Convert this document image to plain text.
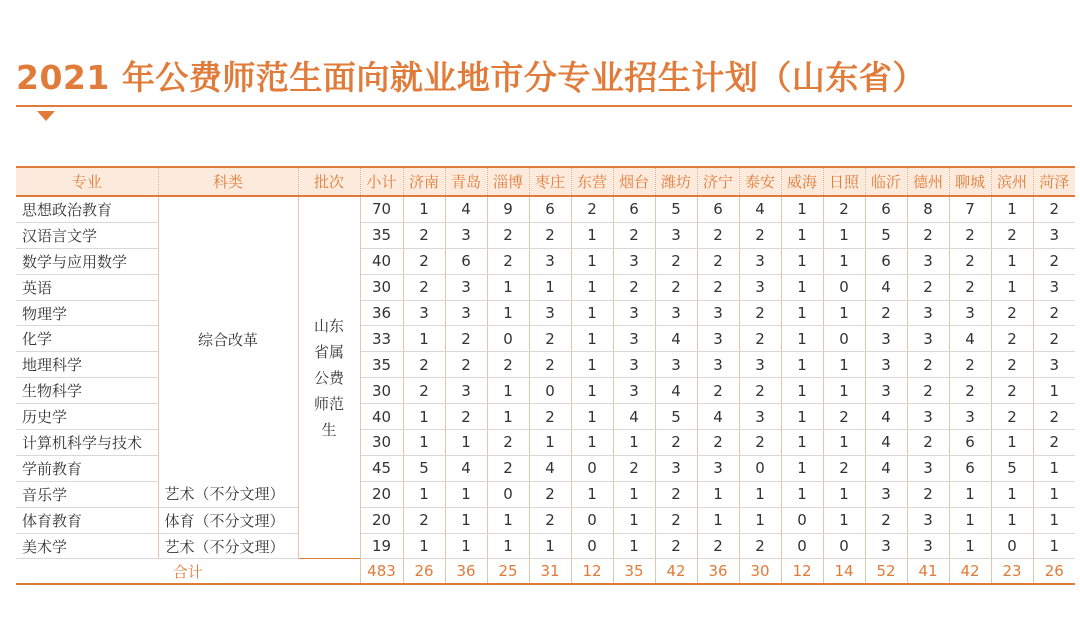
2021 年公费师范生面向就业地市分专业招生计划（山东省）
专业	科类	批次	小计	济南	青岛	淄博	枣庄	东营	烟台	潍坊	济宁	泰安	威海	日照	临沂	德州	聊城	滨州	菏泽
思想政治教育	综合改革	山东省属公费师范生	70	1	4	9	6	2	6	5	6	4	1	2	6	8	7	1	2
汉语言文学			35	2	3	2	2	1	2	3	2	2	1	1	5	2	2	2	3
数学与应用数学			40	2	6	2	3	1	3	2	2	3	1	1	6	3	2	1	2
英语			30	2	3	1	1	1	2	2	2	3	1	0	4	2	2	1	3
物理学			36	3	3	1	3	1	3	3	3	2	1	1	2	3	3	2	2
化学			33	1	2	0	2	1	3	4	3	2	1	0	3	3	4	2	2
地理科学			35	2	2	2	2	1	3	3	3	3	1	1	3	2	2	2	3
生物科学			30	2	3	1	0	1	3	4	2	2	1	1	3	2	2	2	1
历史学			40	1	2	1	2	1	4	5	4	3	1	2	4	3	3	2	2
计算机科学与技术			30	1	1	2	1	1	1	2	2	2	1	1	4	2	6	1	2
学前教育			45	5	4	2	4	0	2	3	3	0	1	2	4	3	6	5	1
音乐学	艺术（不分文理）		20	1	1	0	2	1	1	2	1	1	1	1	3	2	1	1	1
体育教育	体育（不分文理）		20	2	1	1	2	0	1	2	1	1	0	1	2	3	1	1	1
美术学	艺术（不分文理）		19	1	1	1	1	0	1	2	2	2	0	0	3	3	1	0	1
合计			483	26	36	25	31	12	35	42	36	30	12	14	52	41	42	23	26
